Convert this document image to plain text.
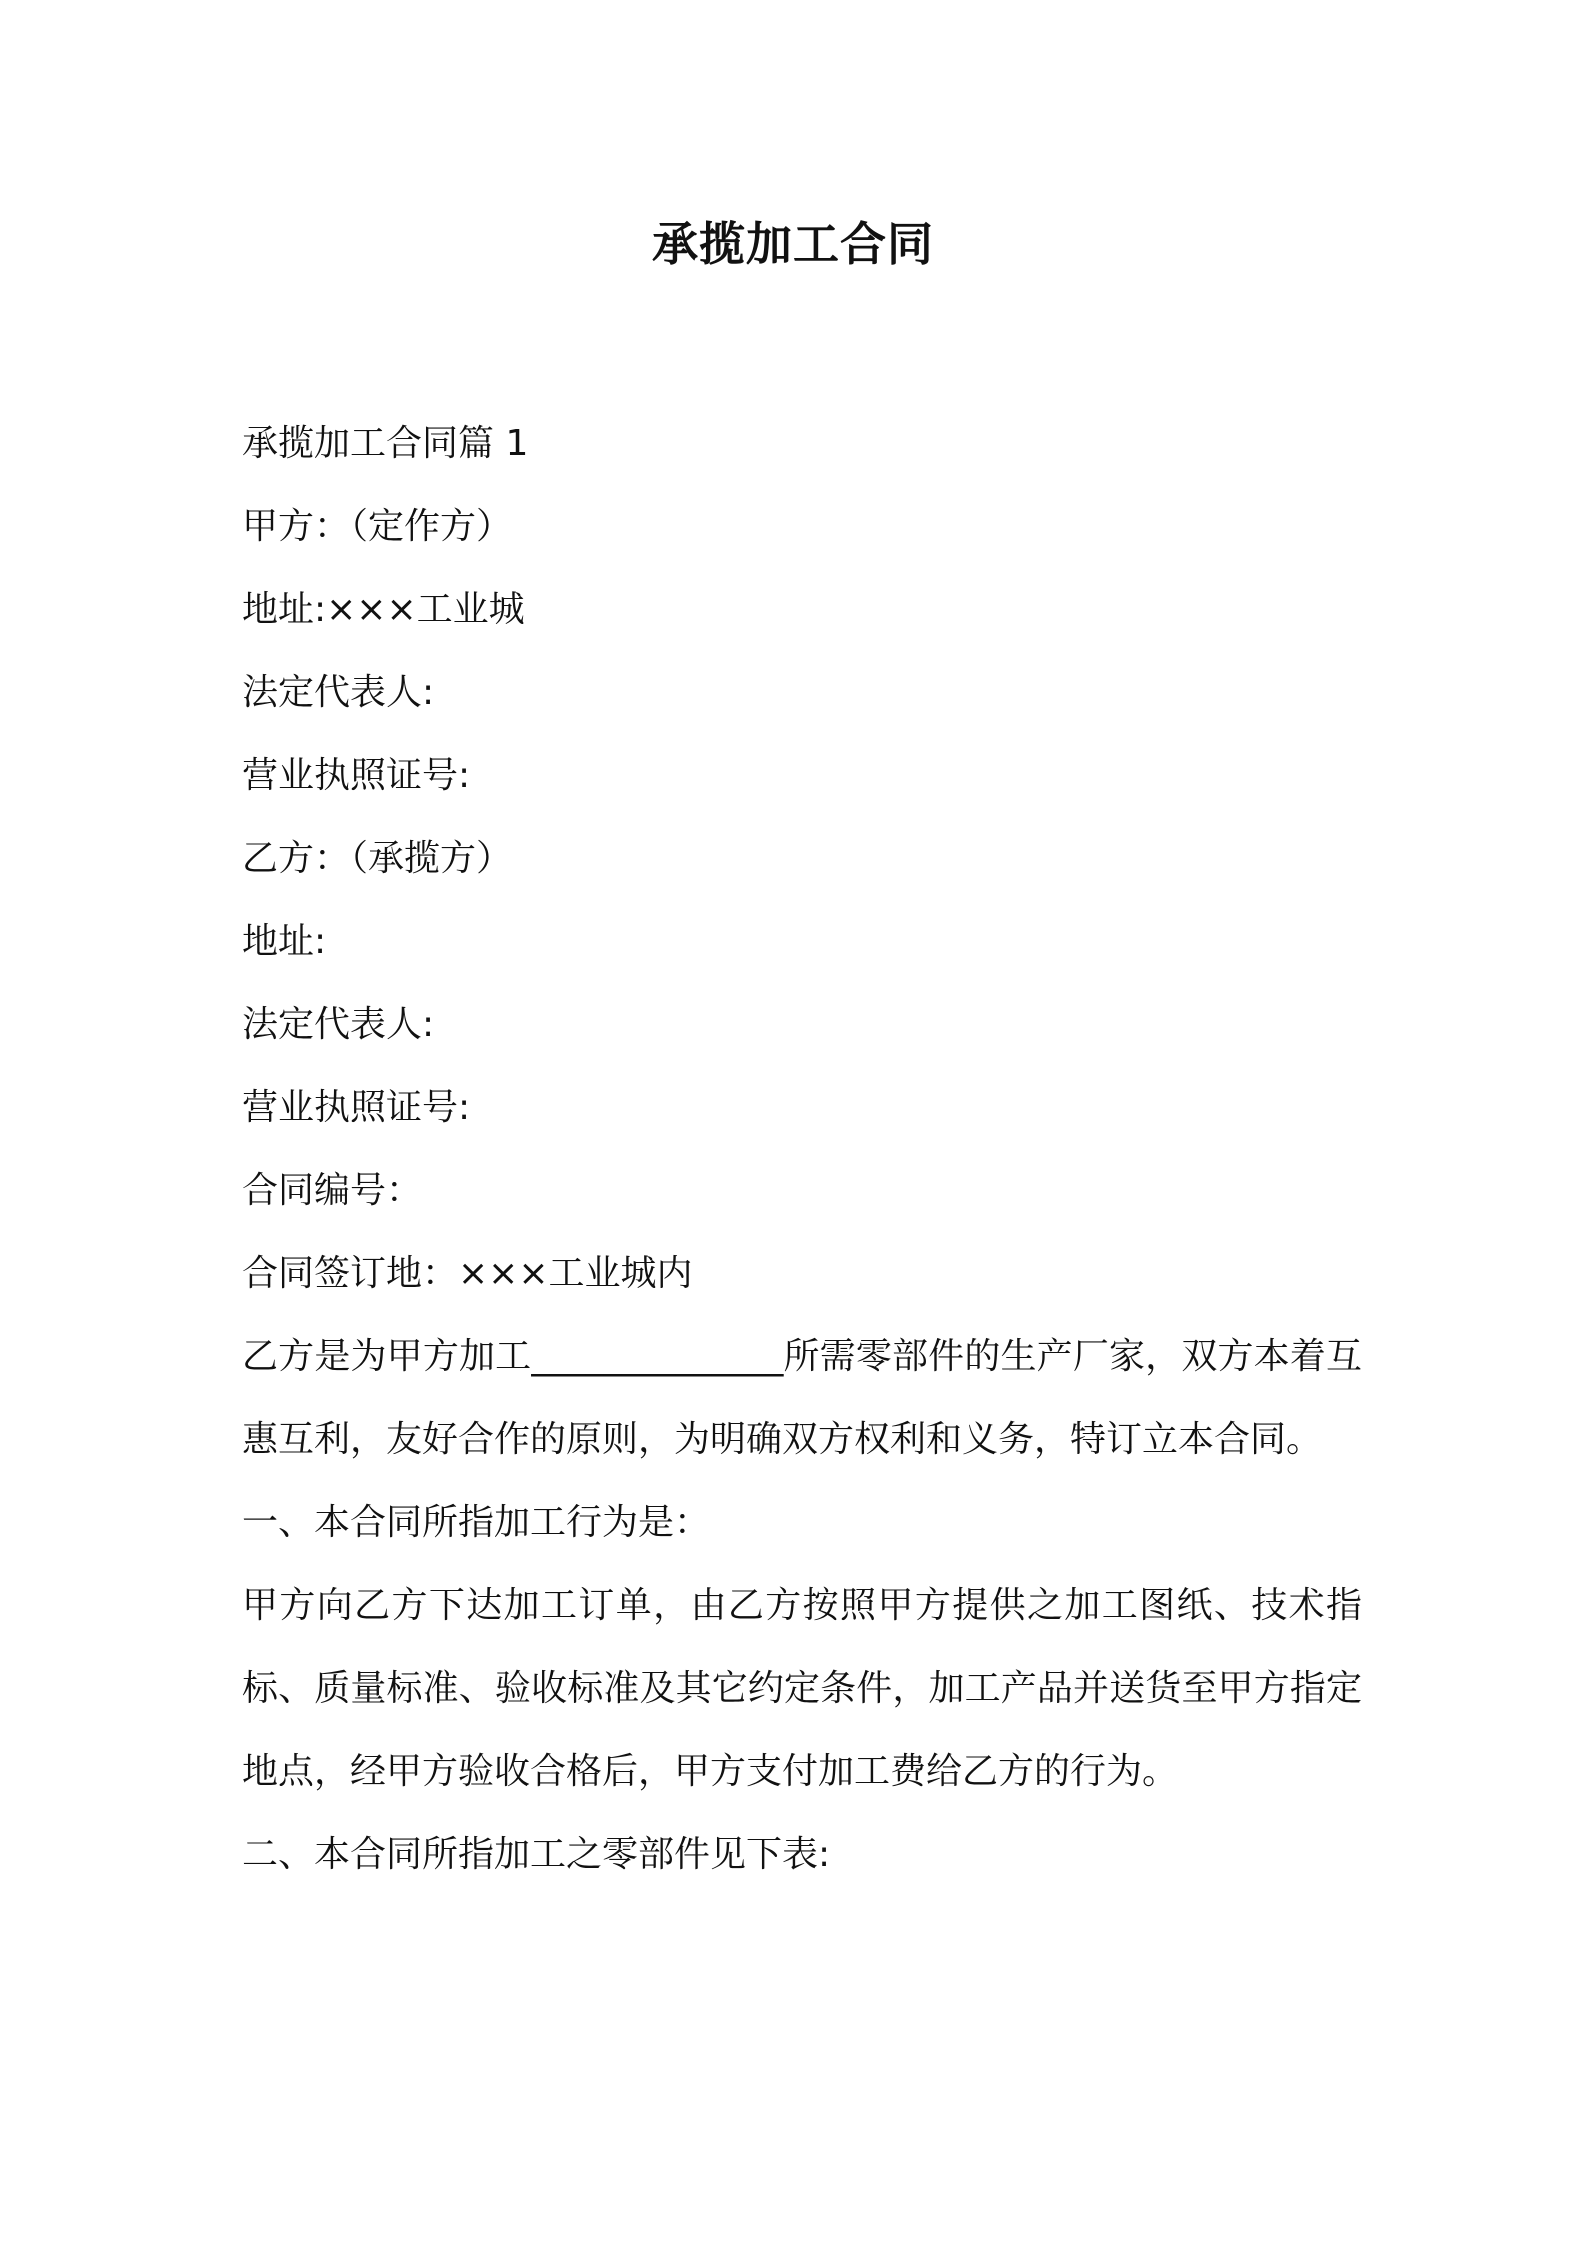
承揽加工合同

承揽加工合同篇 1

甲方：（定作方）

地址:×××工业城

法定代表人:

营业执照证号:

乙方：（承揽方）

地址:

法定代表人:

营业执照证号:

合同编号：

合同签订地：×××工业城内

乙方是为甲方加工______________所需零部件的生产厂家，双方本着互惠互利，友好合作的原则，为明确双方权利和义务，特订立本合同。

一、本合同所指加工行为是：

甲方向乙方下达加工订单，由乙方按照甲方提供之加工图纸、技术指标、质量标准、验收标准及其它约定条件，加工产品并送货至甲方指定地点，经甲方验收合格后，甲方支付加工费给乙方的行为。

二、本合同所指加工之零部件见下表:
